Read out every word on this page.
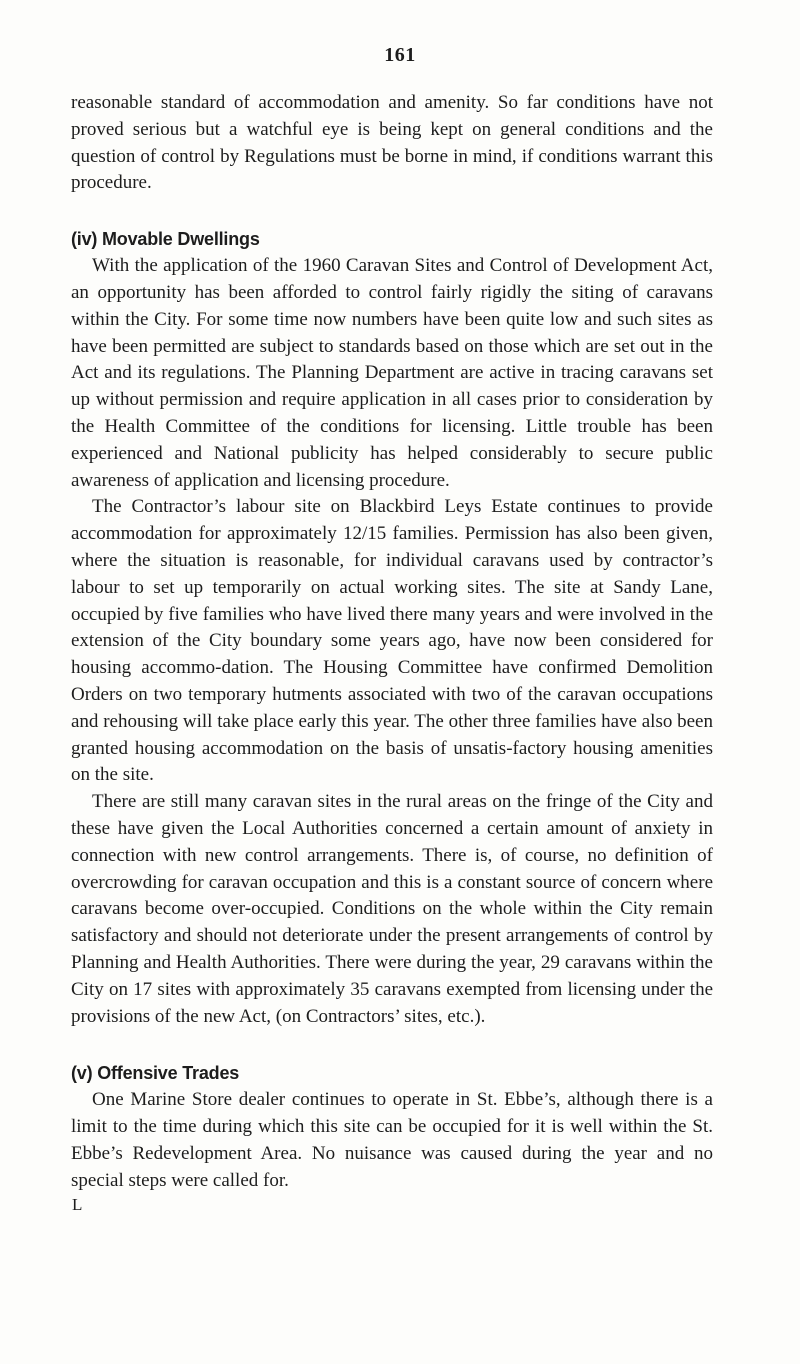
161

reasonable standard of accommodation and amenity. So far conditions have not proved serious but a watchful eye is being kept on general conditions and the question of control by Regulations must be borne in mind, if conditions warrant this procedure.

(iv) Movable Dwellings

With the application of the 1960 Caravan Sites and Control of Development Act, an opportunity has been afforded to control fairly rigidly the siting of caravans within the City. For some time now numbers have been quite low and such sites as have been permitted are subject to standards based on those which are set out in the Act and its regulations. The Planning Department are active in tracing caravans set up without permission and require application in all cases prior to consideration by the Health Committee of the conditions for licensing. Little trouble has been experienced and National publicity has helped considerably to secure public awareness of application and licensing procedure.

The Contractor’s labour site on Blackbird Leys Estate continues to provide accommodation for approximately 12/15 families. Permission has also been given, where the situation is reasonable, for individual caravans used by contractor’s labour to set up temporarily on actual working sites. The site at Sandy Lane, occupied by five families who have lived there many years and were involved in the extension of the City boundary some years ago, have now been considered for housing accommo-dation. The Housing Committee have confirmed Demolition Orders on two temporary hutments associated with two of the caravan occupations and rehousing will take place early this year. The other three families have also been granted housing accommodation on the basis of unsatis-factory housing amenities on the site.

There are still many caravan sites in the rural areas on the fringe of the City and these have given the Local Authorities concerned a certain amount of anxiety in connection with new control arrangements. There is, of course, no definition of overcrowding for caravan occupation and this is a constant source of concern where caravans become over-occupied. Conditions on the whole within the City remain satisfactory and should not deteriorate under the present arrangements of control by Planning and Health Authorities. There were during the year, 29 caravans within the City on 17 sites with approximately 35 caravans exempted from licensing under the provisions of the new Act, (on Contractors’ sites, etc.).

(v) Offensive Trades

One Marine Store dealer continues to operate in St. Ebbe’s, although there is a limit to the time during which this site can be occupied for it is well within the St. Ebbe’s Redevelopment Area. No nuisance was caused during the year and no special steps were called for.

L
